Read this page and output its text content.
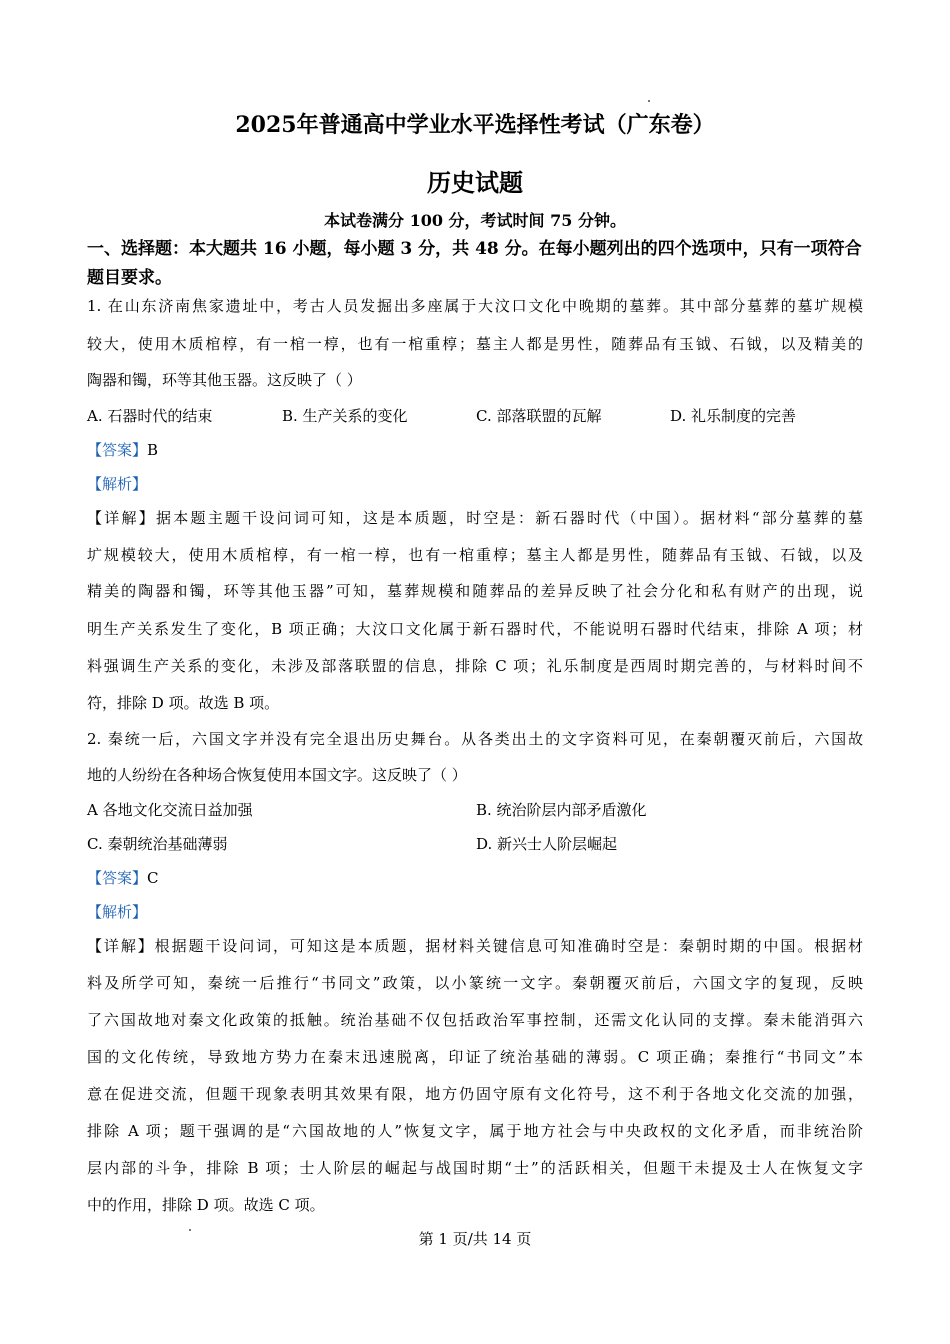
2025年普通高中学业水平选择性考试（广东卷）
历史试题
本试卷满分 100 分，考试时间 75 分钟。
一、选择题：本大题共 16 小题，每小题 3 分，共 48 分。在每小题列出的四个选项中，只有一项符合题目要求。
1. 在山东济南焦家遗址中，考古人员发掘出多座属于大汶口文化中晚期的墓葬。其中部分墓葬的墓圹规模
较大，使用木质棺椁，有一棺一椁，也有一棺重椁；墓主人都是男性，随葬品有玉钺、石钺，以及精美的
陶器和镯，环等其他玉器。这反映了（ ）
A. 石器时代的结束	B. 生产关系的变化	C. 部落联盟的瓦解	D. 礼乐制度的完善
【答案】B
【解析】
【详解】据本题主题干设问词可知，这是本质题，时空是：新石器时代（中国）。据材料“部分墓葬的墓
圹规模较大，使用木质棺椁，有一棺一椁，也有一棺重椁；墓主人都是男性，随葬品有玉钺、石钺，以及
精美的陶器和镯，环等其他玉器”可知，墓葬规模和随葬品的差异反映了社会分化和私有财产的出现，说
明生产关系发生了变化，B 项正确；大汶口文化属于新石器时代，不能说明石器时代结束，排除 A 项；材
料强调生产关系的变化，未涉及部落联盟的信息，排除 C 项；礼乐制度是西周时期完善的，与材料时间不
符，排除 D 项。故选 B 项。
2. 秦统一后，六国文字并没有完全退出历史舞台。从各类出土的文字资料可见，在秦朝覆灭前后，六国故
地的人纷纷在各种场合恢复使用本国文字。这反映了（ ）
A 各地文化交流日益加强	B. 统治阶层内部矛盾激化
C. 秦朝统治基础薄弱	D. 新兴士人阶层崛起
【答案】C
【解析】
【详解】根据题干设问词，可知这是本质题，据材料关键信息可知准确时空是：秦朝时期的中国。根据材
料及所学可知，秦统一后推行“书同文”政策，以小篆统一文字。秦朝覆灭前后，六国文字的复现，反映
了六国故地对秦文化政策的抵触。统治基础不仅包括政治军事控制，还需文化认同的支撑。秦未能消弭六
国的文化传统，导致地方势力在秦末迅速脱离，印证了统治基础的薄弱。C 项正确；秦推行“书同文”本
意在促进交流，但题干现象表明其效果有限，地方仍固守原有文化符号，这不利于各地文化交流的加强，
排除 A 项；题干强调的是“六国故地的人”恢复文字，属于地方社会与中央政权的文化矛盾，而非统治阶
层内部的斗争，排除 B 项；士人阶层的崛起与战国时期“士”的活跃相关，但题干未提及士人在恢复文字
中的作用，排除 D 项。故选 C 项。
第 1 页/共 14 页
